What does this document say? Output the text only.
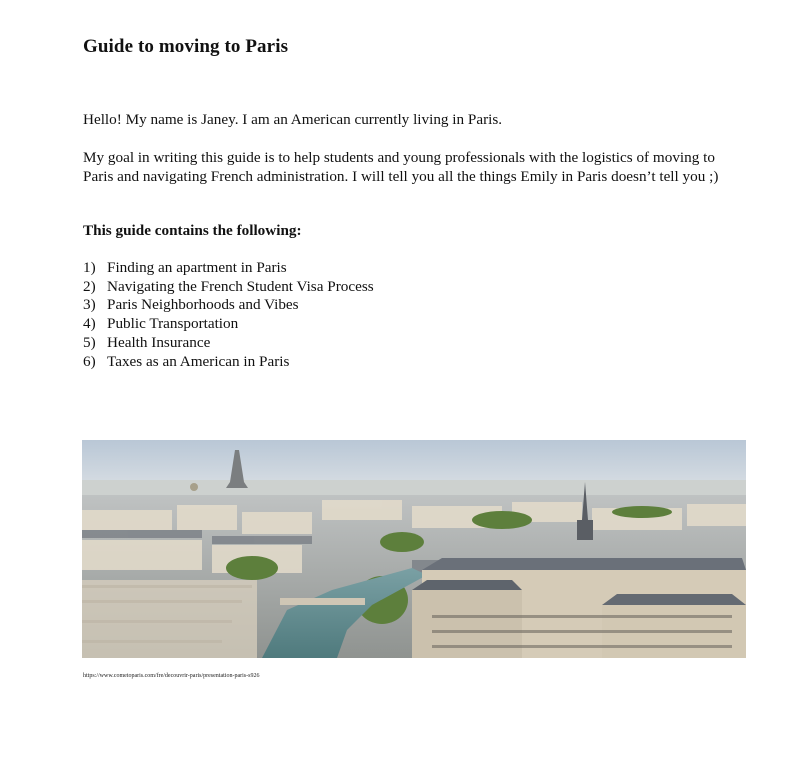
Guide to moving to Paris
Hello! My name is Janey. I am an American currently living in Paris.
My goal in writing this guide is to help students and young professionals with the logistics of moving to Paris and navigating French administration. I will tell you all the things Emily in Paris doesn’t tell you ;)
This guide contains the following:
1) Finding an apartment in Paris
2) Navigating the French Student Visa Process
3) Paris Neighborhoods and Vibes
4) Public Transportation
5) Health Insurance
6) Taxes as an American in Paris
https://www.cometoparis.com/fre/decouvrir-paris/presentation-paris-s926
